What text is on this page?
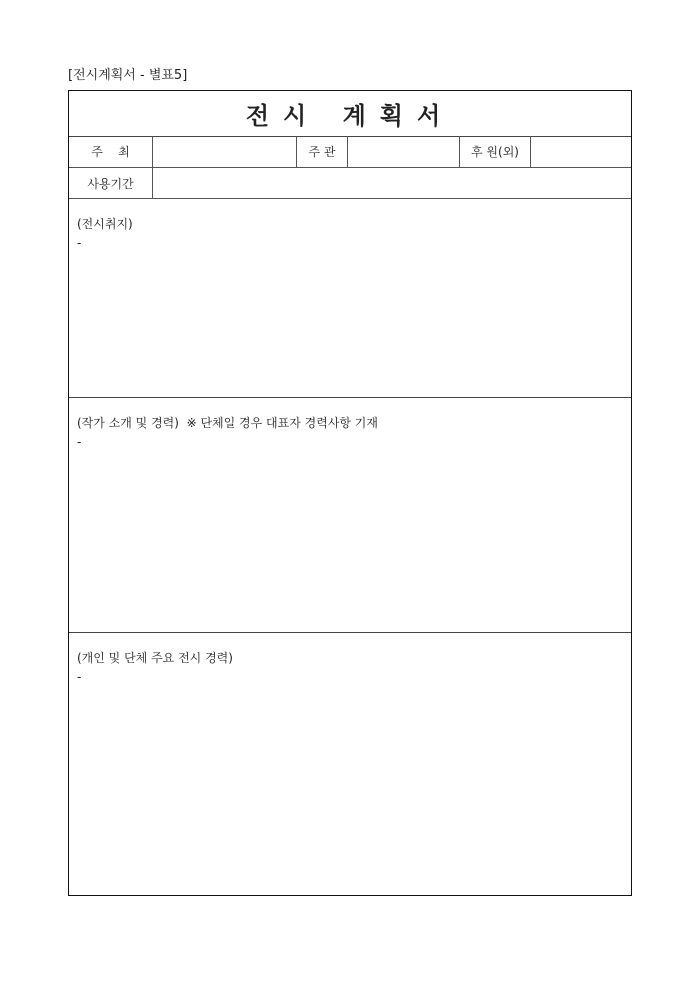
[전시계획서 - 별표5]
전시 계획서
주    최	주 관	후 원(외)
사용기간
(전시취지)
-
(작가 소개 및 경력)  ※ 단체일 경우 대표자 경력사항 기재
-
(개인 및 단체 주요 전시 경력)
-
